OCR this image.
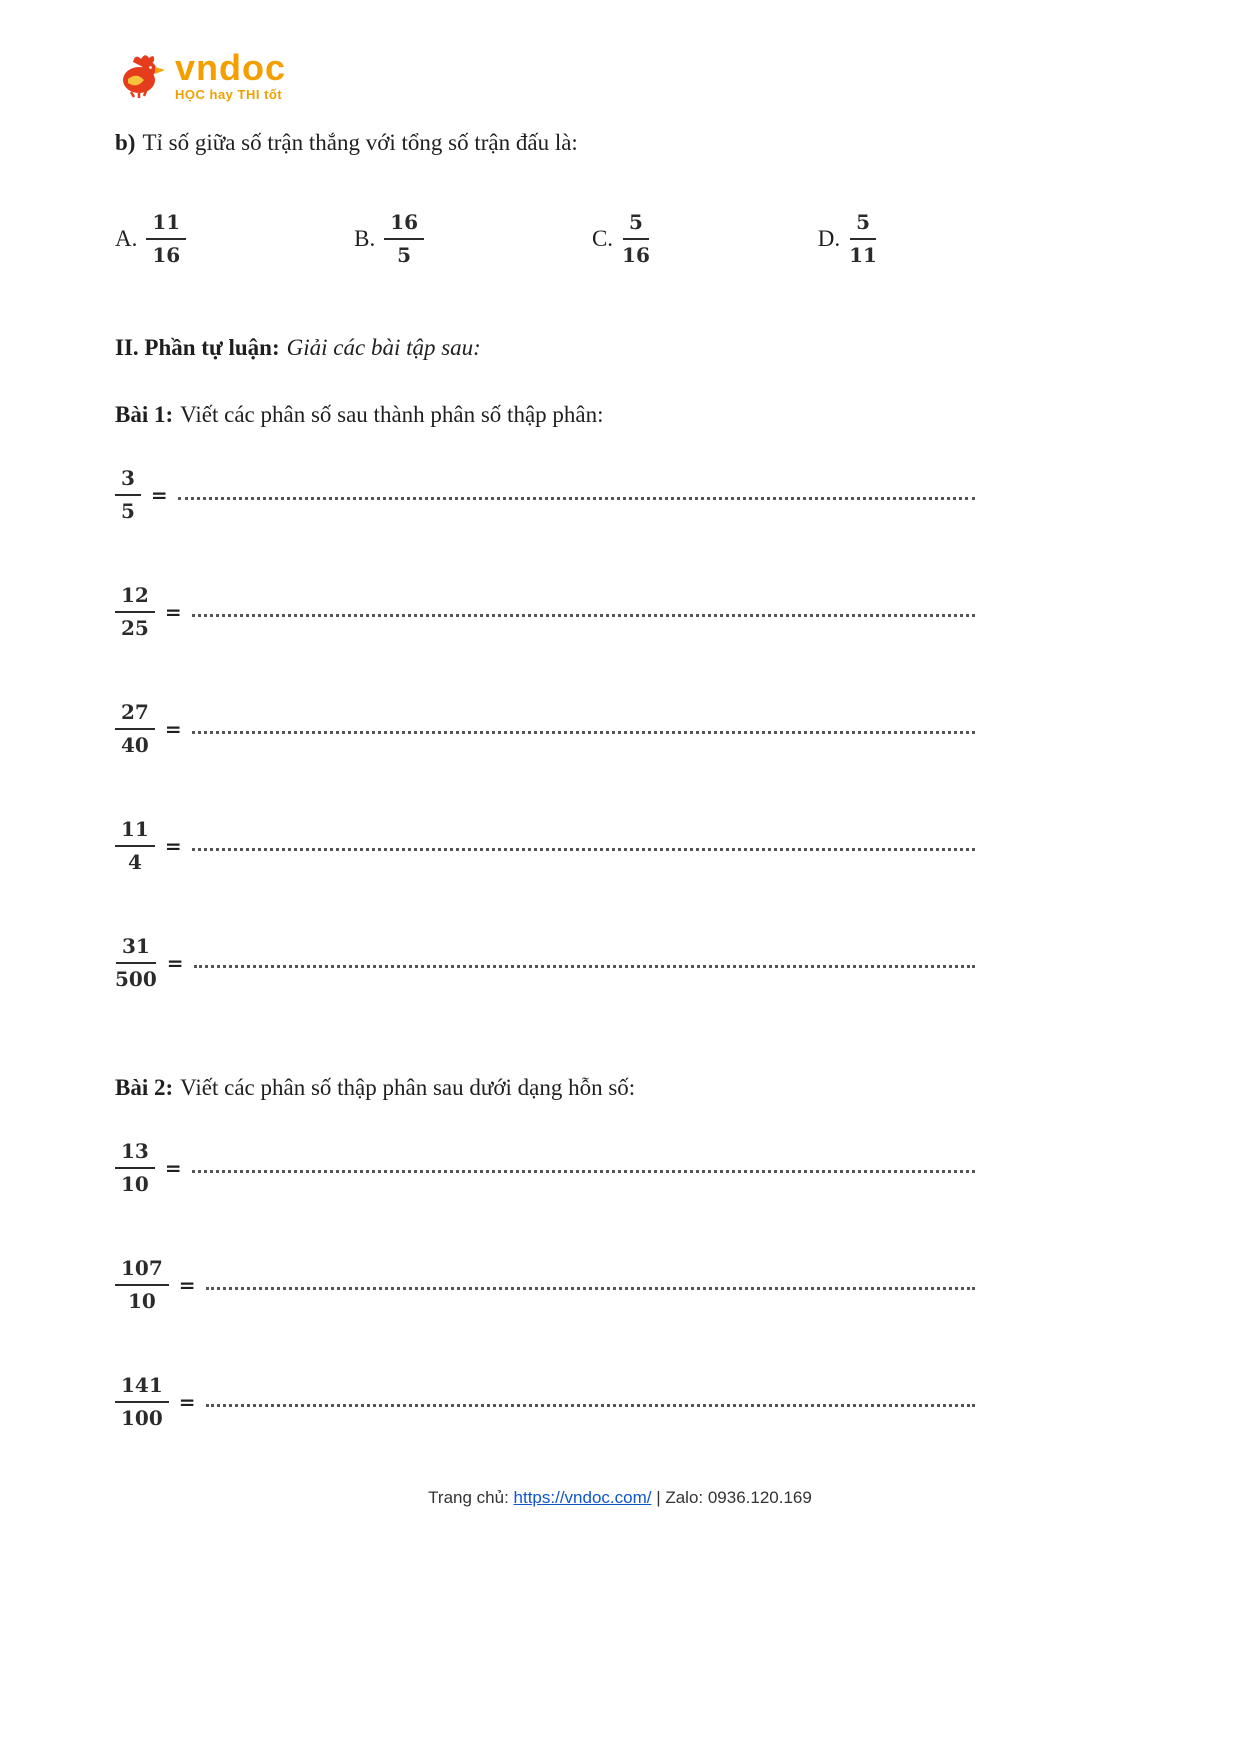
vndoc
HỌC hay THI tốt

b) Tỉ số giữa số trận thắng với tổng số trận đấu là:

A. $\frac{11}{16}$	B. $\frac{16}{5}$	C. $\frac{5}{16}$	D. $\frac{5}{11}$

II. Phần tự luận: Giải các bài tập sau:

Bài 1: Viết các phân số sau thành phân số thập phân:

$\frac{3}{5}$ =
$\frac{12}{25}$ =
$\frac{27}{40}$ =
$\frac{11}{4}$ =
$\frac{31}{500}$ =

Bài 2: Viết các phân số thập phân sau dưới dạng hỗn số:

$\frac{13}{10}$ =
$\frac{107}{10}$ =
$\frac{141}{100}$ =
Trang chủ: https://vndoc.com/ | Zalo: 0936.120.169
